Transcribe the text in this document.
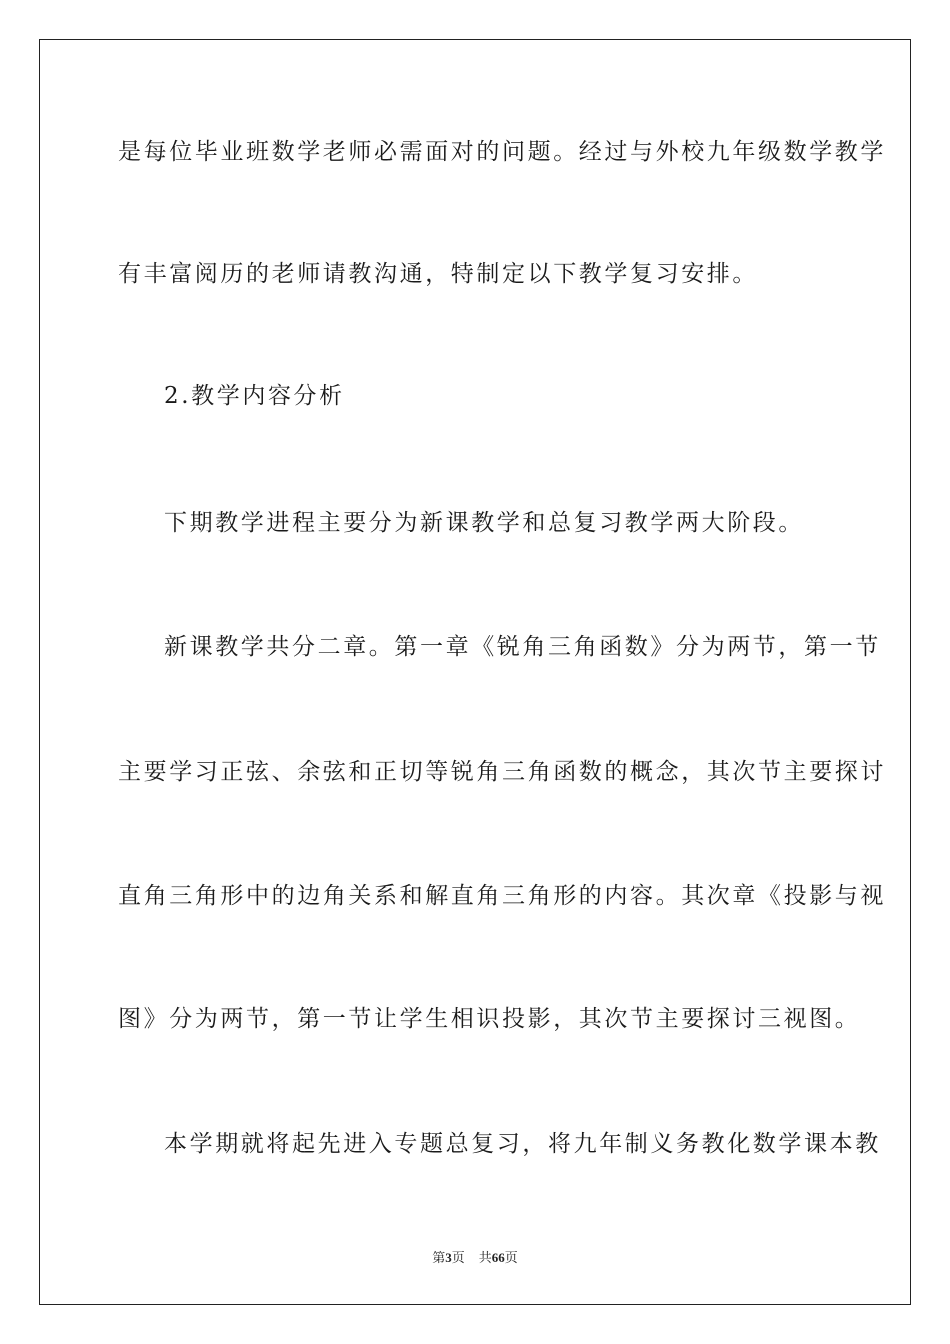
是每位毕业班数学老师必需面对的问题。经过与外校九年级数学教学
有丰富阅历的老师请教沟通，特制定以下教学复习安排。
2.教学内容分析
下期教学进程主要分为新课教学和总复习教学两大阶段。
新课教学共分二章。第一章《锐角三角函数》分为两节，第一节
主要学习正弦、余弦和正切等锐角三角函数的概念，其次节主要探讨
直角三角形中的边角关系和解直角三角形的内容。其次章《投影与视
图》分为两节，第一节让学生相识投影，其次节主要探讨三视图。
本学期就将起先进入专题总复习，将九年制义务教化数学课本教
第3页 共66页
